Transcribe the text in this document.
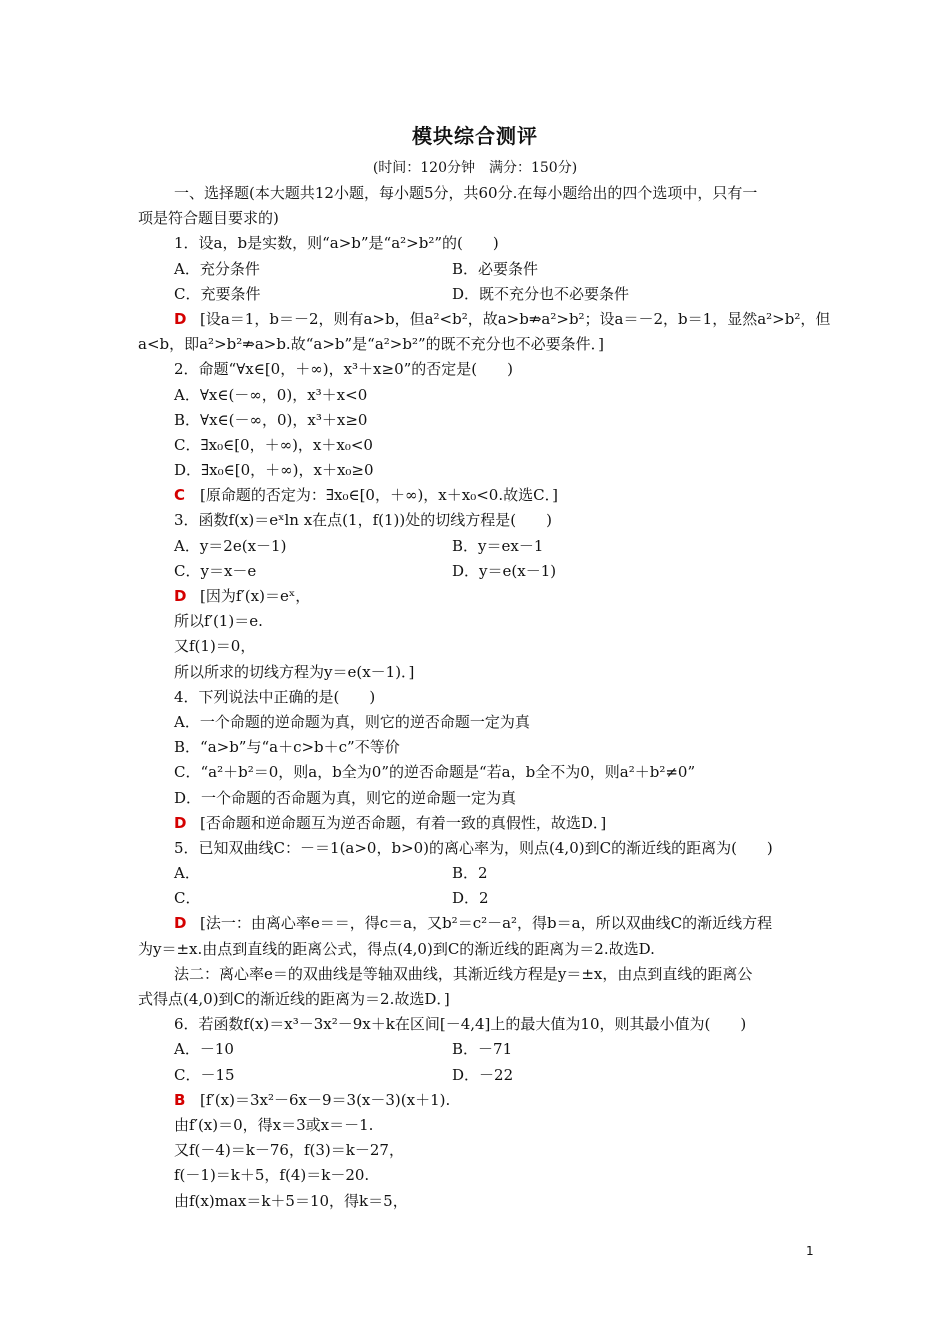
模块综合测评
(时间：120分钟　满分：150分)
一、选择题(本大题共12小题，每小题5分，共60分.在每小题给出的四个选项中，只有一
项是符合题目要求的)
1．设a，b是实数，则“a>b”是“a²>b²”的(　　)
A．充分条件	B．必要条件
C．充要条件	D．既不充分也不必要条件
D [设a＝1，b＝－2，则有a>b，但a²<b²，故a>b⇏a²>b²；设a＝－2，b＝1，显然a²>b²，但
a<b，即a²>b²⇏a>b.故“a>b”是“a²>b²”的既不充分也不必要条件．]
2．命题“∀x∈[0，＋∞)，x³＋x≥0”的否定是(　　)
A．∀x∈(－∞，0)，x³＋x<0
B．∀x∈(－∞，0)，x³＋x≥0
C．∃x₀∈[0，＋∞)，x＋x₀<0
D．∃x₀∈[0，＋∞)，x＋x₀≥0
C [原命题的否定为：∃x₀∈[0，＋∞)，x＋x₀<0.故选C．]
3．函数f(x)＝eˣln x在点(1，f(1))处的切线方程是(　　)
A．y＝2e(x－1)	B．y＝ex－1
C．y＝x－e	D．y＝e(x－1)
D [因为f′(x)＝eˣ，
所以f′(1)＝e.
又f(1)＝0，
所以所求的切线方程为y＝e(x－1)．]
4．下列说法中正确的是(　　)
A．一个命题的逆命题为真，则它的逆否命题一定为真
B．“a>b”与“a＋c>b＋c”不等价
C．“a²＋b²＝0，则a，b全为0”的逆否命题是“若a，b全不为0，则a²＋b²≠0”
D．一个命题的否命题为真，则它的逆命题一定为真
D [否命题和逆命题互为逆否命题，有着一致的真假性，故选D．]
5．已知双曲线C：－＝1(a>0，b>0)的离心率为，则点(4,0)到C的渐近线的距离为(　　)
A．	B．2
C．	D．2
D [法一：由离心率e＝＝，得c＝a，又b²＝c²－a²，得b＝a，所以双曲线C的渐近线方程
为y＝±x.由点到直线的距离公式，得点(4,0)到C的渐近线的距离为＝2.故选D.
法二：离心率e＝的双曲线是等轴双曲线，其渐近线方程是y＝±x，由点到直线的距离公
式得点(4,0)到C的渐近线的距离为＝2.故选D．]
6．若函数f(x)＝x³－3x²－9x＋k在区间[－4,4]上的最大值为10，则其最小值为(　　)
A．－10	B．－71
C．－15	D．－22
B [f′(x)＝3x²－6x－9＝3(x－3)(x＋1).
由f′(x)＝0，得x＝3或x＝－1.
又f(－4)＝k－76，f(3)＝k－27，
f(－1)＝k＋5，f(4)＝k－20.
由f(x)max＝k＋5＝10，得k＝5，
1
